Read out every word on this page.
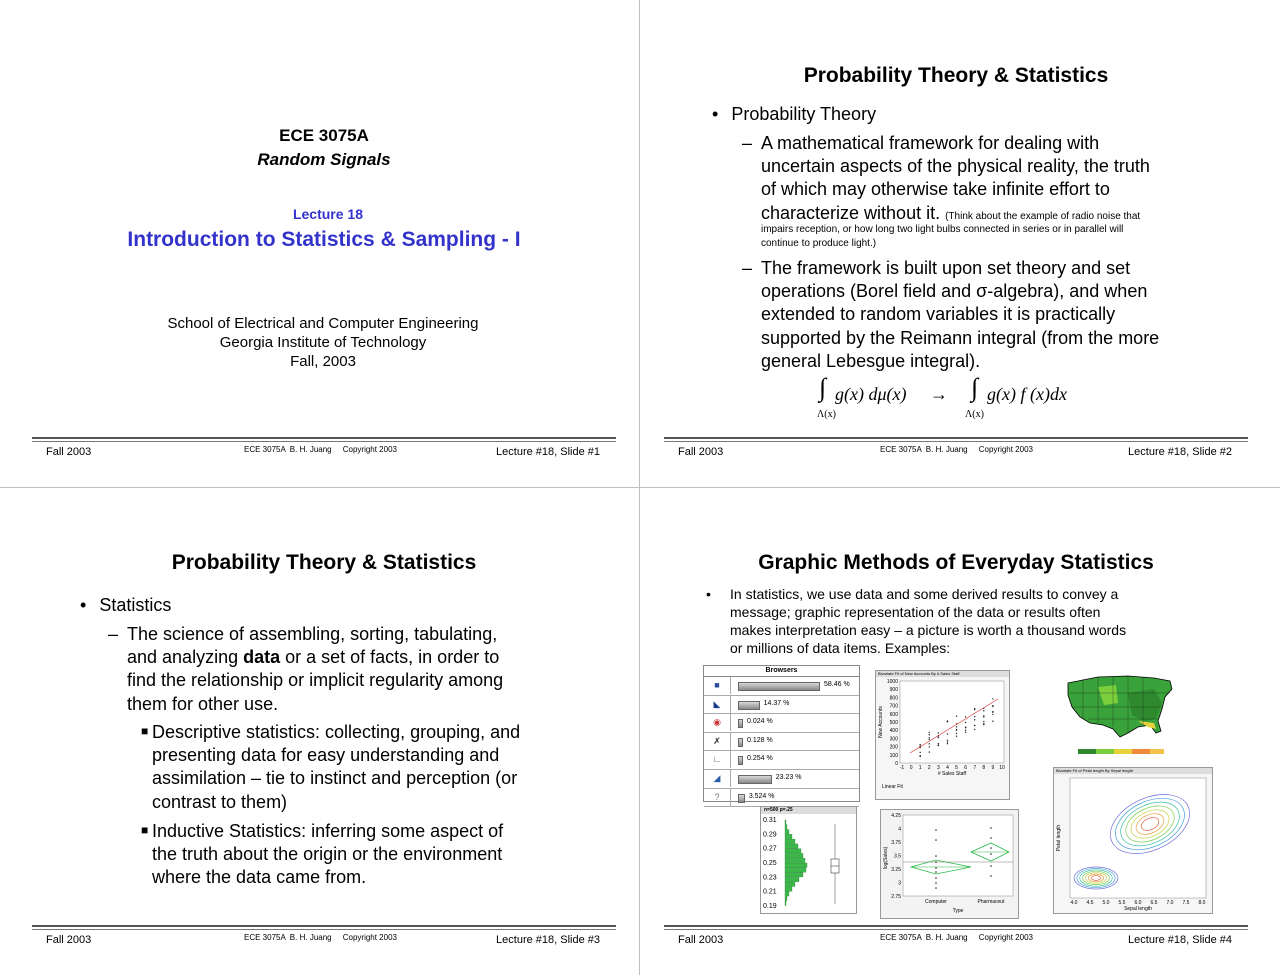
ECE 3075A
Random Signals
Lecture 18
Introduction to Statistics & Sampling - I
School of Electrical and Computer Engineering
Georgia Institute of Technology
Fall, 2003
Fall 2003	ECE 3075A  B. H. Juang     Copyright 2003	Lecture #18, Slide #1
Probability Theory & Statistics
• Probability Theory
– A mathematical framework for dealing with
uncertain aspects of the physical reality, the truth
of which may otherwise take infinite effort to
characterize without it. (Think about the example of radio noise that
impairs reception, or how long two light bulbs connected in series or in parallel will
continue to produce light.)
– The framework is built upon set theory and set
operations (Borel field and σ-algebra), and when
extended to random variables it is practically
supported by the Reimann integral (from the more
general Lebesgue integral).
∫ g(x) dμ(x) → ∫ g(x) f (x)dx
Λ(x)	Λ(x)
Fall 2003	ECE 3075A  B. H. Juang     Copyright 2003	Lecture #18, Slide #2
Probability Theory & Statistics
• Statistics
– The science of assembling, sorting, tabulating,
and analyzing data or a set of facts, in order to
find the relationship or implicit regularity among
them for other use.
■ Descriptive statistics: collecting, grouping, and
presenting data for easy understanding and
assimilation – tie to instinct and perception (or
contrast to them)
■ Inductive Statistics: inferring some aspect of
the truth about the origin or the environment
where the data came from.
Fall 2003	ECE 3075A  B. H. Juang     Copyright 2003	Lecture #18, Slide #3
Graphic Methods of Everyday Statistics
• In statistics, we use data and some derived results to convey a
message; graphic representation of the data or results often
makes interpretation easy – a picture is worth a thousand words
or millions of data items. Examples:
Browsers
■	58.46 %
◣	14.37 %
◉	0.024 %
✗	0.128 %
∟	0.254 %
◢	23.23 %
?	3.524 %
Bivariate Fit of New Accounts By # Sales Staff
1000
900
800
700
600
500
400
300
200
100
0
-1 0 1 2 3 4 5 6 7 8 9 10
New Accounts
# Sales Staff
Linear Fit
n=500 p=.25
0.31
0.29
0.27
0.25
0.23
0.21
0.19
4.25
4
3.75
3.5
3.25
3
2.75
log(Sales)
Computer	Pharmaceut
Type
Bivariate Fit of Petal length By Sepal length
4.0 4.5 5.0 5.5 6.0 6.5 7.0 7.5 8.0
Sepal length
Petal length
Fall 2003	ECE 3075A  B. H. Juang     Copyright 2003	Lecture #18, Slide #4
